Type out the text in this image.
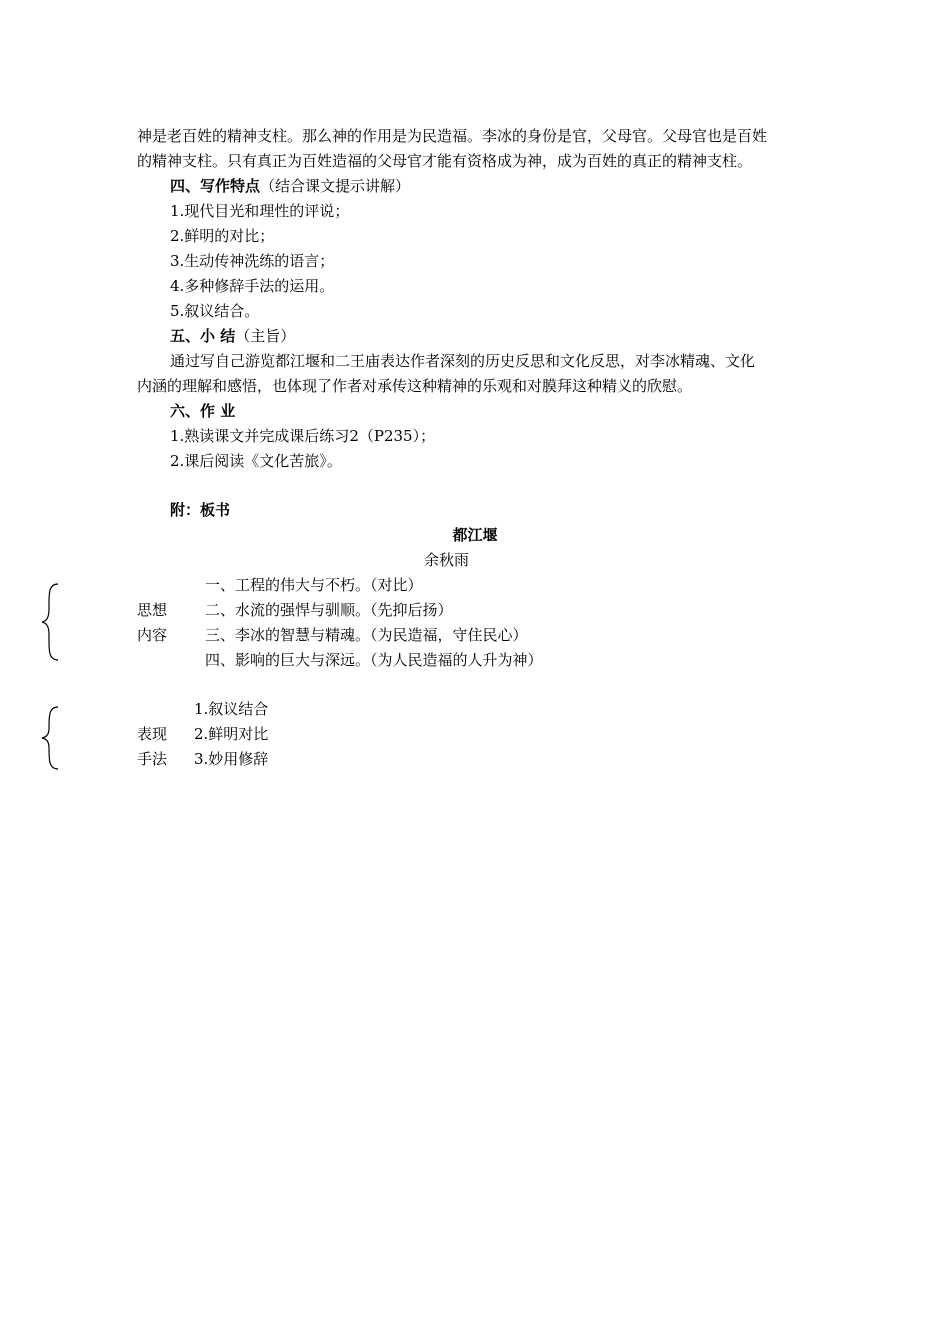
神是老百姓的精神支柱。那么神的作用是为民造福。李冰的身份是官，父母官。父母官也是百姓
的精神支柱。只有真正为百姓造福的父母官才能有资格成为神，成为百姓的真正的精神支柱。
四、写作特点（结合课文提示讲解）
1.现代目光和理性的评说；
2.鲜明的对比；
3.生动传神洗练的语言；
4.多种修辞手法的运用。
5.叙议结合。
五、小 结（主旨）
通过写自己游览都江堰和二王庙表达作者深刻的历史反思和文化反思，对李冰精魂、文化
内涵的理解和感悟，也体现了作者对承传这种精神的乐观和对膜拜这种精义的欣慰。
六、作 业
1.熟读课文并完成课后练习2（P235）；
2.课后阅读《文化苦旅》。
附：板书
都江堰
余秋雨
思想
内容
一、工程的伟大与不朽。（对比）
二、水流的强悍与驯顺。（先抑后扬）
三、李冰的智慧与精魂。（为民造福，守住民心）
四、影响的巨大与深远。（为人民造福的人升为神）
表现
手法
1.叙议结合
2.鲜明对比
3.妙用修辞
